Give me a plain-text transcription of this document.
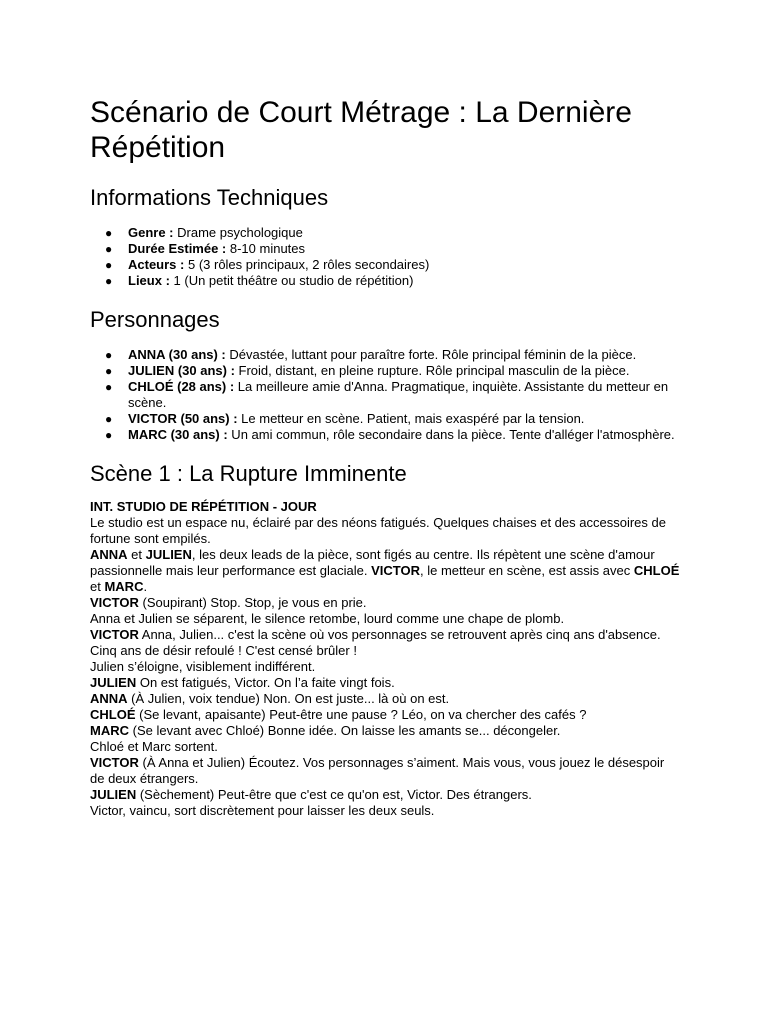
Scénario de Court Métrage : La Dernière Répétition
Informations Techniques
● Genre : Drame psychologique
● Durée Estimée : 8-10 minutes
● Acteurs : 5 (3 rôles principaux, 2 rôles secondaires)
● Lieux : 1 (Un petit théâtre ou studio de répétition)
Personnages
● ANNA (30 ans) : Dévastée, luttant pour paraître forte. Rôle principal féminin de la pièce.
● JULIEN (30 ans) : Froid, distant, en pleine rupture. Rôle principal masculin de la pièce.
● CHLOÉ (28 ans) : La meilleure amie d'Anna. Pragmatique, inquiète. Assistante du metteur en scène.
● VICTOR (50 ans) : Le metteur en scène. Patient, mais exaspéré par la tension.
● MARC (30 ans) : Un ami commun, rôle secondaire dans la pièce. Tente d'alléger l'atmosphère.
Scène 1 : La Rupture Imminente

INT. STUDIO DE RÉPÉTITION - JOUR

Le studio est un espace nu, éclairé par des néons fatigués. Quelques chaises et des accessoires de fortune sont empilés.

ANNA et JULIEN, les deux leads de la pièce, sont figés au centre. Ils répètent une scène d'amour passionnelle mais leur performance est glaciale. VICTOR, le metteur en scène, est assis avec CHLOÉ et MARC.

VICTOR (Soupirant) Stop. Stop, je vous en prie.

Anna et Julien se séparent, le silence retombe, lourd comme une chape de plomb.

VICTOR Anna, Julien... c'est la scène où vos personnages se retrouvent après cinq ans d'absence. Cinq ans de désir refoulé ! C'est censé brûler !

Julien s’éloigne, visiblement indifférent.

JULIEN On est fatigués, Victor. On l’a faite vingt fois.

ANNA (À Julien, voix tendue) Non. On est juste... là où on est.

CHLOÉ (Se levant, apaisante) Peut-être une pause ? Léo, on va chercher des cafés ?

MARC (Se levant avec Chloé) Bonne idée. On laisse les amants se... décongeler.

Chloé et Marc sortent.

VICTOR (À Anna et Julien) Écoutez. Vos personnages s’aiment. Mais vous, vous jouez le désespoir de deux étrangers.

JULIEN (Sèchement) Peut-être que c'est ce qu'on est, Victor. Des étrangers.

Victor, vaincu, sort discrètement pour laisser les deux seuls.
